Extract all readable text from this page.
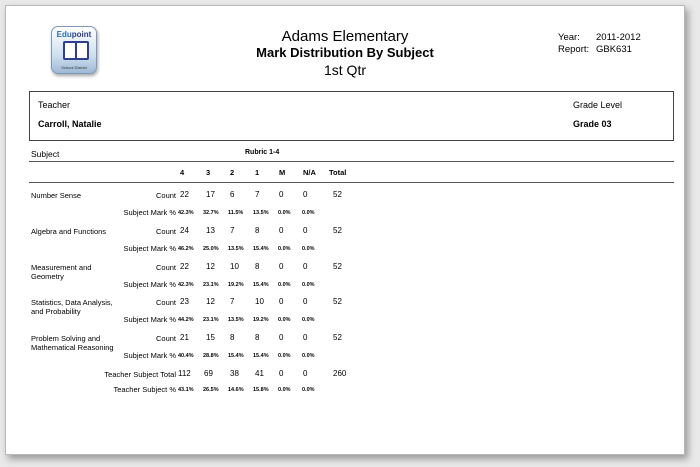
Edupoint
School District
Adams Elementary
Mark Distribution By Subject
1st Qtr
Year: 2011-2012
Report: GBK631
Teacher
Carroll, Natalie
Grade Level
Grade 03
Subject	Rubric 1-4
4	3	2	1	M N/A Total
Number Sense	Count 22 17 6	7 0 0	52
Subject Mark % 42.3% 32.7% 11.5% 13.5% 0.0% 0.0%
Algebra and Functions	Count 24 13 7	8 0 0	52
Subject Mark % 46.2% 25.0% 13.5% 15.4% 0.0% 0.0%
Measurement and Geometry
Count 22 12 10 8 0 0	52
Subject Mark % 42.3% 23.1% 19.2% 15.4% 0.0% 0.0%
Statistics, Data Analysis, and Probability
Count 23 12 7	10 0 0	52
Subject Mark % 44.2% 23.1% 13.5% 19.2% 0.0% 0.0%
Problem Solving and Mathematical Reasoning
Count 21 15 8	8 0 0	52
Subject Mark % 40.4% 28.8% 15.4% 15.4% 0.0% 0.0%
Teacher Subject Total 112 69 38 41 0 0	260
Teacher Subject % 43.1% 26.5% 14.6% 15.8% 0.0% 0.0%
